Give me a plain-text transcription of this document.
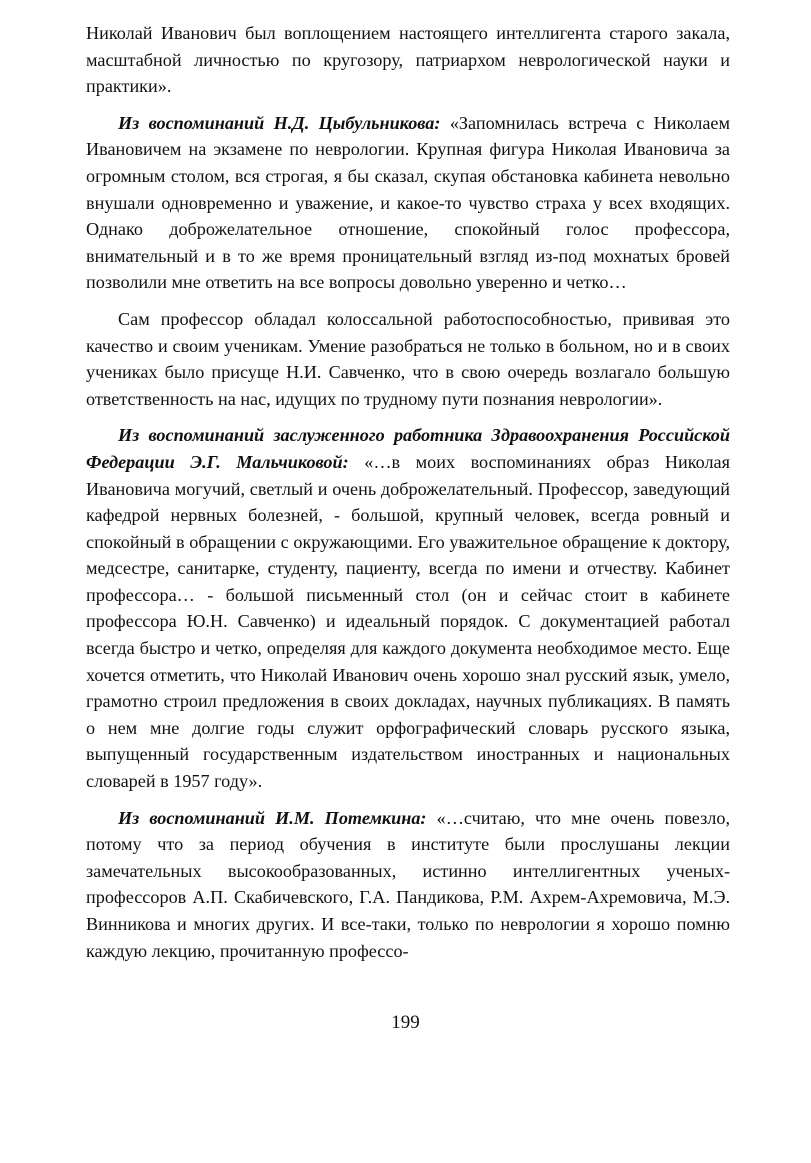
Николай Иванович был воплощением настоящего интеллигента старого закала, масштабной личностью по кругозору, патриархом неврологической науки и практики».

Из воспоминаний Н.Д. Цыбульникова: «Запомнилась встреча с Николаем Ивановичем на экзамене по неврологии. Крупная фигура Николая Ивановича за огромным столом, вся строгая, я бы сказал, скупая обстановка кабинета невольно внушали одновременно и уважение, и какое-то чувство страха у всех входящих. Однако доброжелательное отношение, спокойный голос профессора, внимательный и в то же время проницательный взгляд из-под мохнатых бровей позволили мне ответить на все вопросы довольно уверенно и четко…

Сам профессор обладал колоссальной работоспособностью, прививая это качество и своим ученикам. Умение разобраться не только в больном, но и в своих учениках было присуще Н.И. Савченко, что в свою очередь возлагало большую ответственность на нас, идущих по трудному пути познания неврологии».

Из воспоминаний заслуженного работника Здравоохранения Российской Федерации Э.Г. Мальчиковой: «…в моих воспоминаниях образ Николая Ивановича могучий, светлый и очень доброжелательный. Профессор, заведующий кафедрой нервных болезней, - большой, крупный человек, всегда ровный и спокойный в обращении с окружающими. Его уважительное обращение к доктору, медсестре, санитарке, студенту, пациенту, всегда по имени и отчеству. Кабинет профессора… - большой письменный стол (он и сейчас стоит в кабинете профессора Ю.Н. Савченко) и идеальный порядок. С документацией работал всегда быстро и четко, определяя для каждого документа необходимое место. Еще хочется отметить, что Николай Иванович очень хорошо знал русский язык, умело, грамотно строил предложения в своих докладах, научных публикациях. В память о нем мне долгие годы служит орфографический словарь русского языка, выпущенный государственным издательством иностранных и национальных словарей в 1957 году».

Из воспоминаний И.М. Потемкина: «…считаю, что мне очень повезло, потому что за период обучения в институте были прослушаны лекции замечательных высокообразованных, истинно интеллигентных ученых-профессоров А.П. Скабичевского, Г.А. Пандикова, Р.М. Ахрем-Ахремовича, М.Э. Винникова и многих других. И все-таки, только по неврологии я хорошо помню каждую лекцию, прочитанную профессо-

199
